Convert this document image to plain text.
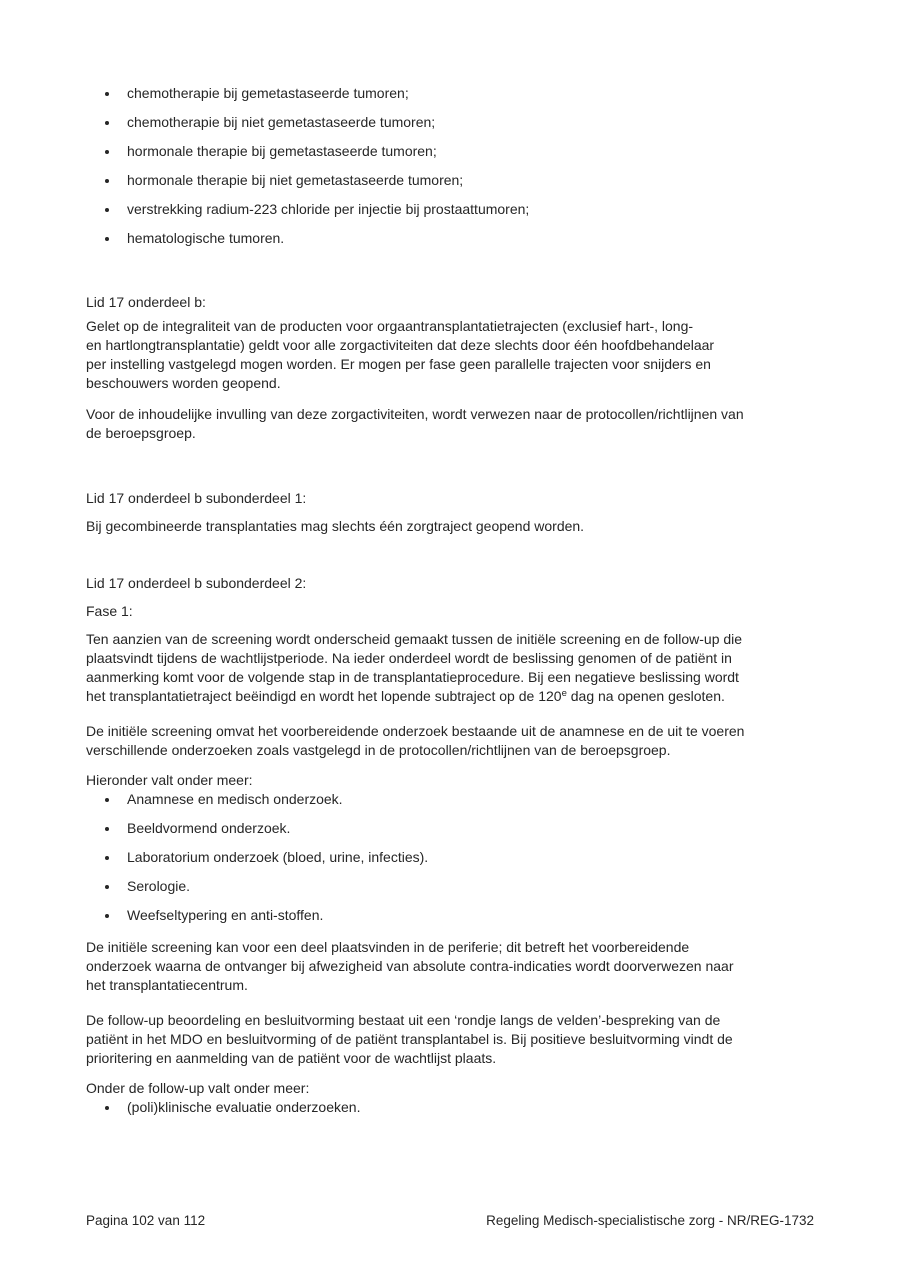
chemotherapie bij gemetastaseerde tumoren;
chemotherapie bij niet gemetastaseerde tumoren;
hormonale therapie bij gemetastaseerde tumoren;
hormonale therapie bij niet gemetastaseerde tumoren;
verstrekking radium-223 chloride per injectie bij prostaattumoren;
hematologische tumoren.
Lid 17 onderdeel b:

Gelet op de integraliteit van de producten voor orgaantransplantatietrajecten (exclusief hart-, long-
en hartlongtransplantatie) geldt voor alle zorgactiviteiten dat deze slechts door één hoofdbehandelaar
per instelling vastgelegd mogen worden. Er mogen per fase geen parallelle trajecten voor snijders en
beschouwers worden geopend.

Voor de inhoudelijke invulling van deze zorgactiviteiten, wordt verwezen naar de protocollen/richtlijnen van
de beroepsgroep.

Lid 17 onderdeel b subonderdeel 1:

Bij gecombineerde transplantaties mag slechts één zorgtraject geopend worden.

Lid 17 onderdeel b subonderdeel 2:

Fase 1:

Ten aanzien van de screening wordt onderscheid gemaakt tussen de initiële screening en de follow-up die
plaatsvindt tijdens de wachtlijstperiode. Na ieder onderdeel wordt de beslissing genomen of de patiënt in
aanmerking komt voor de volgende stap in de transplantatieprocedure. Bij een negatieve beslissing wordt
het transplantatietraject beëindigd en wordt het lopende subtraject op de 120e dag na openen gesloten.

De initiële screening omvat het voorbereidende onderzoek bestaande uit de anamnese en de uit te voeren
verschillende onderzoeken zoals vastgelegd in de protocollen/richtlijnen van de beroepsgroep.

Hieronder valt onder meer:

Anamnese en medisch onderzoek.
Beeldvormend onderzoek.
Laboratorium onderzoek (bloed, urine, infecties).
Serologie.
Weefseltypering en anti-stoffen.

De initiële screening kan voor een deel plaatsvinden in de periferie; dit betreft het voorbereidende
onderzoek waarna de ontvanger bij afwezigheid van absolute contra-indicaties wordt doorverwezen naar
het transplantatiecentrum.

De follow-up beoordeling en besluitvorming bestaat uit een ‘rondje langs de velden’-bespreking van de
patiënt in het MDO en besluitvorming of de patiënt transplantabel is. Bij positieve besluitvorming vindt de
prioritering en aanmelding van de patiënt voor de wachtlijst plaats.

Onder de follow-up valt onder meer:

(poli)klinische evaluatie onderzoeken.
Pagina 102 van 112	Regeling Medisch-specialistische zorg - NR/REG-1732
